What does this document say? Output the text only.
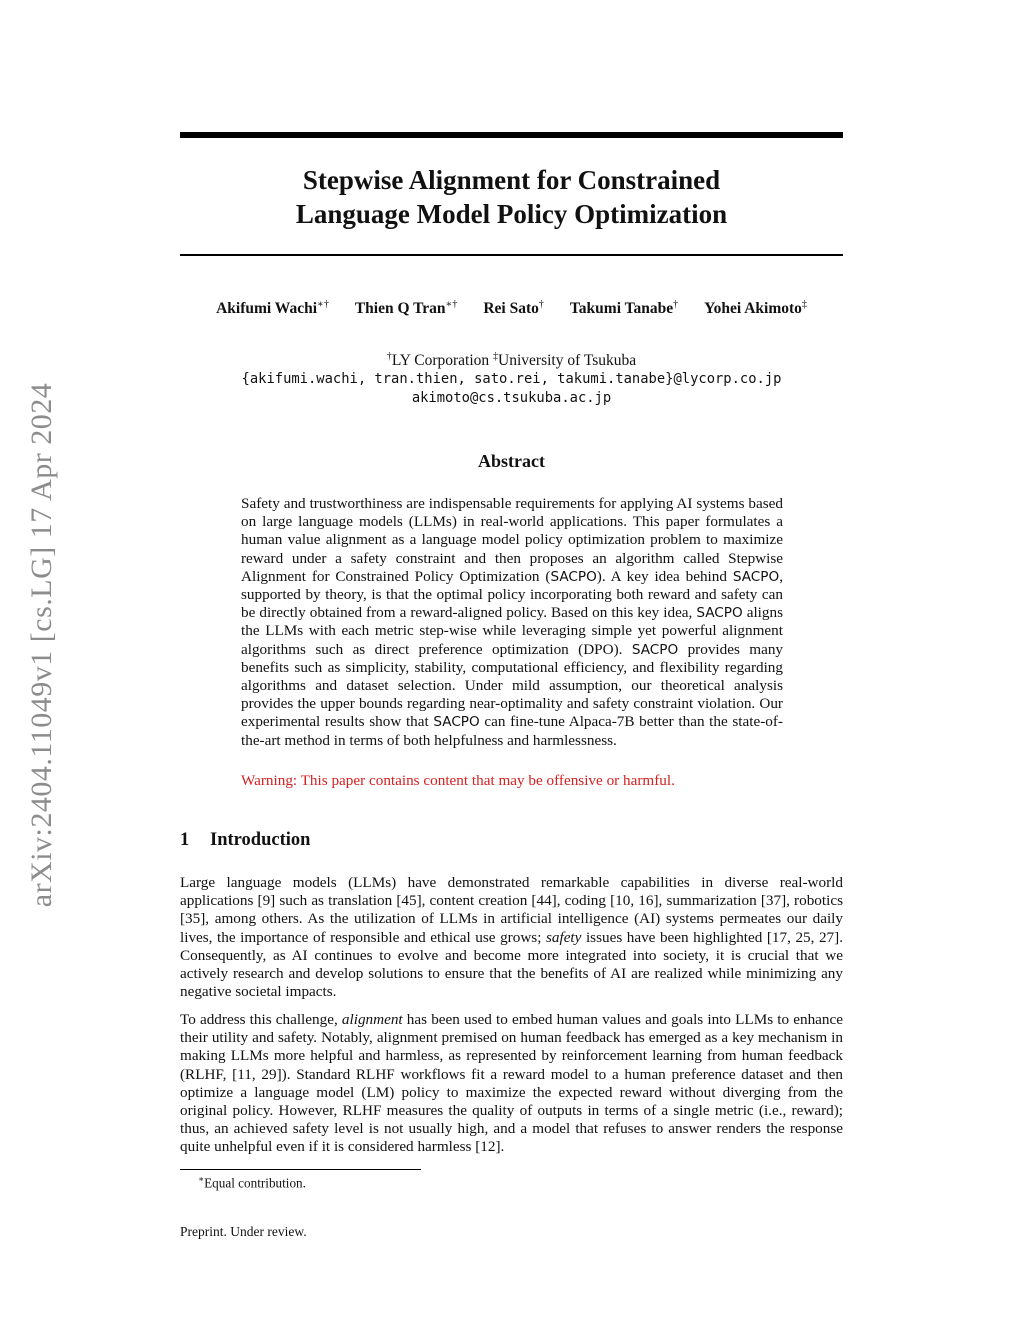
arXiv:2404.11049v1 [cs.LG] 17 Apr 2024
Stepwise Alignment for Constrained
Language Model Policy Optimization
Akifumi Wachi∗† Thien Q Tran∗† Rei Sato† Takumi Tanabe† Yohei Akimoto‡
†LY Corporation ‡University of Tsukuba
{akifumi.wachi, tran.thien, sato.rei, takumi.tanabe}@lycorp.co.jp
akimoto@cs.tsukuba.ac.jp
Abstract
Safety and trustworthiness are indispensable requirements for applying AI systems based on large language models (LLMs) in real-world applications. This paper formulates a human value alignment as a language model policy optimization problem to maximize reward under a safety constraint and then proposes an algorithm called Stepwise Alignment for Constrained Policy Optimization (SACPO). A key idea behind SACPO, supported by theory, is that the optimal policy incorporating both reward and safety can be directly obtained from a reward-aligned policy. Based on this key idea, SACPO aligns the LLMs with each metric step-wise while leveraging simple yet powerful alignment algorithms such as direct preference optimization (DPO). SACPO provides many benefits such as simplicity, stability, computational efficiency, and flexibility regarding algorithms and dataset selection. Under mild assumption, our theoretical analysis provides the upper bounds regarding near-optimality and safety constraint violation. Our experimental results show that SACPO can fine-tune Alpaca-7B better than the state-of-the-art method in terms of both helpfulness and harmlessness.
Warning: This paper contains content that may be offensive or harmful.
1 Introduction
Large language models (LLMs) have demonstrated remarkable capabilities in diverse real-world applications [9] such as translation [45], content creation [44], coding [10, 16], summarization [37], robotics [35], among others. As the utilization of LLMs in artificial intelligence (AI) systems permeates our daily lives, the importance of responsible and ethical use grows; safety issues have been highlighted [17, 25, 27]. Consequently, as AI continues to evolve and become more integrated into society, it is crucial that we actively research and develop solutions to ensure that the benefits of AI are realized while minimizing any negative societal impacts.
To address this challenge, alignment has been used to embed human values and goals into LLMs to enhance their utility and safety. Notably, alignment premised on human feedback has emerged as a key mechanism in making LLMs more helpful and harmless, as represented by reinforcement learning from human feedback (RLHF, [11, 29]). Standard RLHF workflows fit a reward model to a human preference dataset and then optimize a language model (LM) policy to maximize the expected reward without diverging from the original policy. However, RLHF measures the quality of outputs in terms of a single metric (i.e., reward); thus, an achieved safety level is not usually high, and a model that refuses to answer renders the response quite unhelpful even if it is considered harmless [12].
∗Equal contribution.
Preprint. Under review.
